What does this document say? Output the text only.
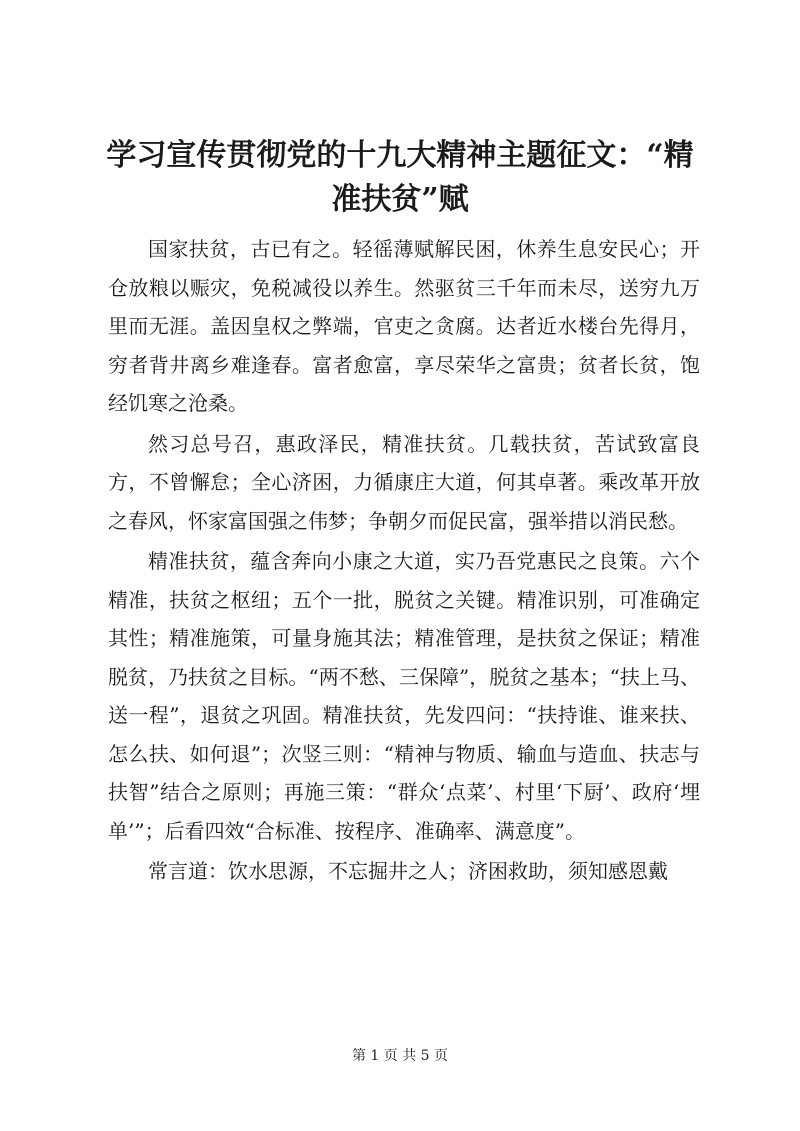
学习宣传贯彻党的十九大精神主题征文：“精准扶贫”赋

国家扶贫，古已有之。轻徭薄赋解民困，休养生息安民心；开仓放粮以赈灾，免税减役以养生。然驱贫三千年而未尽，送穷九万里而无涯。盖因皇权之弊端，官吏之贪腐。达者近水楼台先得月，穷者背井离乡难逢春。富者愈富，享尽荣华之富贵；贫者长贫，饱经饥寒之沧桑。

然习总号召，惠政泽民，精准扶贫。几载扶贫，苦试致富良方，不曾懈怠；全心济困，力循康庄大道，何其卓著。乘改革开放之春风，怀家富国强之伟梦；争朝夕而促民富，强举措以消民愁。

精准扶贫，蕴含奔向小康之大道，实乃吾党惠民之良策。六个精准，扶贫之枢纽；五个一批，脱贫之关键。精准识别，可准确定其性；精准施策，可量身施其法；精准管理，是扶贫之保证；精准脱贫，乃扶贫之目标。“两不愁、三保障”，脱贫之基本；“扶上马、送一程”，退贫之巩固。精准扶贫，先发四问：“扶持谁、谁来扶、怎么扶、如何退”；次竖三则：“精神与物质、输血与造血、扶志与扶智”结合之原则；再施三策：“群众‘点菜’、村里‘下厨’、政府‘埋单’”；后看四效“合标准、按程序、准确率、满意度”。

常言道：饮水思源，不忘掘井之人；济困救助，须知感恩戴

第 1 页 共 5 页
